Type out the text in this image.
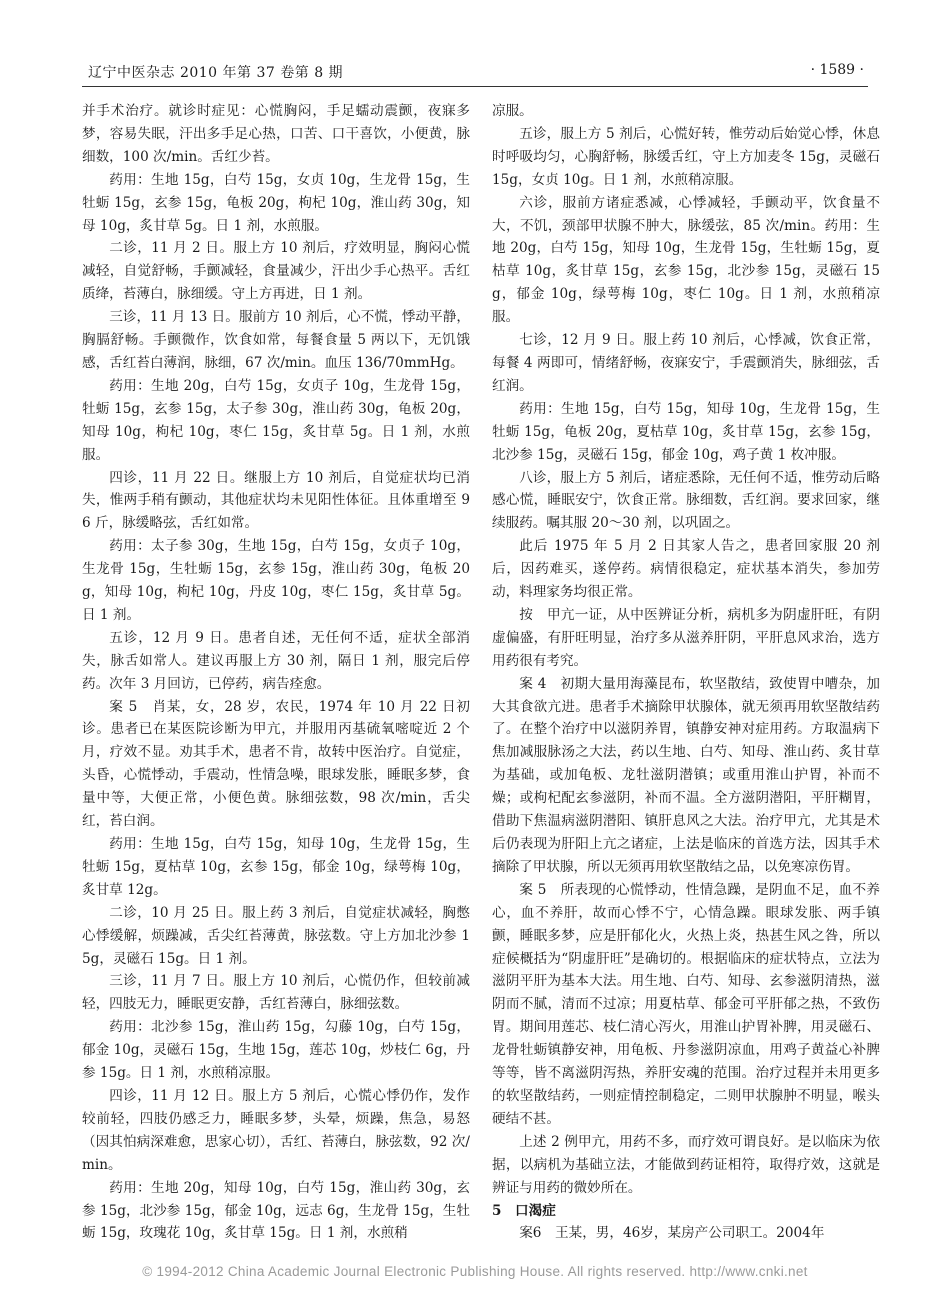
辽宁中医杂志 2010 年第 37 卷第 8 期	· 1589 ·

并手术治疗。就诊时症见：心慌胸闷，手足蠕动震颤，夜寐多梦，容易失眠，汗出多手足心热，口苦、口干喜饮，小便黄，脉细数，100 次/min。舌红少苔。

药用：生地 15g，白芍 15g，女贞 10g，生龙骨 15g，生牡蛎 15g，玄参 15g，龟板 20g，枸杞 10g，淮山药 30g，知母 10g，炙甘草 5g。日 1 剂，水煎服。

二诊，11 月 2 日。服上方 10 剂后，疗效明显，胸闷心慌减轻，自觉舒畅，手颤减轻，食量减少，汗出少手心热平。舌红质绛，苔薄白，脉细缓。守上方再进，日 1 剂。

三诊，11 月 13 日。服前方 10 剂后，心不慌，悸动平静，胸膈舒畅。手颤微作，饮食如常，每餐食量 5 两以下，无饥饿感，舌红苔白薄润，脉细，67 次/min。血压 136/70mmHg。

药用：生地 20g，白芍 15g，女贞子 10g，生龙骨 15g，牡蛎 15g，玄参 15g，太子参 30g，淮山药 30g，龟板 20g，知母 10g，枸杞 10g，枣仁 15g，炙甘草 5g。日 1 剂，水煎服。

四诊，11 月 22 日。继服上方 10 剂后，自觉症状均已消失，惟两手稍有颤动，其他症状均未见阳性体征。且体重增至 96 斤，脉缓略弦，舌红如常。

药用：太子参 30g，生地 15g，白芍 15g，女贞子 10g，生龙骨 15g，生牡蛎 15g，玄参 15g，淮山药 30g，龟板 20g，知母 10g，枸杞 10g，丹皮 10g，枣仁 15g，炙甘草 5g。日 1 剂。

五诊，12 月 9 日。患者自述，无任何不适，症状全部消失，脉舌如常人。建议再服上方 30 剂，隔日 1 剂，服完后停药。次年 3 月回访，已停药，病告痊愈。

案 5　肖某，女，28 岁，农民，1974 年 10 月 22 日初诊。患者已在某医院诊断为甲亢，并服用丙基硫氧嘧啶近 2 个月，疗效不显。劝其手术，患者不肯，故转中医治疗。自觉症，头昏，心慌悸动，手震动，性情急噪，眼球发胀，睡眠多梦，食量中等，大便正常，小便色黄。脉细弦数，98 次/min，舌尖红，苔白润。

药用：生地 15g，白芍 15g，知母 10g，生龙骨 15g，生牡蛎 15g，夏枯草 10g，玄参 15g，郁金 10g，绿萼梅 10g，炙甘草 12g。

二诊，10 月 25 日。服上药 3 剂后，自觉症状减轻，胸憋心悸缓解，烦躁减，舌尖红苔薄黄，脉弦数。守上方加北沙参 15g，灵磁石 15g。日 1 剂。

三诊，11 月 7 日。服上方 10 剂后，心慌仍作，但较前减轻，四肢无力，睡眠更安静，舌红苔薄白，脉细弦数。

药用：北沙参 15g，淮山药 15g，勾藤 10g，白芍 15g，郁金 10g，灵磁石 15g，生地 15g，莲芯 10g，炒枝仁 6g，丹参 15g。日 1 剂，水煎稍凉服。

四诊，11 月 12 日。服上方 5 剂后，心慌心悸仍作，发作较前轻，四肢仍感乏力，睡眠多梦，头晕，烦躁，焦急，易怒（因其怕病深难愈，思家心切），舌红、苔薄白，脉弦数，92 次/min。

药用：生地 20g，知母 10g，白芍 15g，淮山药 30g，玄参 15g，北沙参 15g，郁金 10g，远志 6g，生龙骨 15g，生牡蛎 15g，玫瑰花 10g，炙甘草 15g。日 1 剂，水煎稍

凉服。

五诊，服上方 5 剂后，心慌好转，惟劳动后始觉心悸，休息时呼吸均匀，心胸舒畅，脉缓舌红，守上方加麦冬 15g，灵磁石 15g，女贞 10g。日 1 剂，水煎稍凉服。

六诊，服前方诸症悉减，心悸减轻，手颤动平，饮食量不大，不饥，颈部甲状腺不肿大，脉缓弦，85 次/min。药用：生地 20g，白芍 15g，知母 10g，生龙骨 15g，生牡蛎 15g，夏枯草 10g，炙甘草 15g，玄参 15g，北沙参 15g，灵磁石 15g，郁金 10g，绿萼梅 10g，枣仁 10g。日 1 剂，水煎稍凉服。

七诊，12 月 9 日。服上药 10 剂后，心悸减，饮食正常，每餐 4 两即可，情绪舒畅，夜寐安宁，手震颤消失，脉细弦，舌红润。

药用：生地 15g，白芍 15g，知母 10g，生龙骨 15g，生牡蛎 15g，龟板 20g，夏枯草 10g，炙甘草 15g，玄参 15g，北沙参 15g，灵磁石 15g，郁金 10g，鸡子黄 1 枚冲服。

八诊，服上方 5 剂后，诸症悉除，无任何不适，惟劳动后略感心慌，睡眠安宁，饮食正常。脉细数，舌红润。要求回家，继续服药。嘱其服 20～30 剂，以巩固之。

此后 1975 年 5 月 2 日其家人告之，患者回家服 20 剂后，因药难买，遂停药。病情很稳定，症状基本消失，参加劳动，料理家务均很正常。

按　甲亢一证，从中医辨证分析，病机多为阴虚肝旺，有阴虚偏盛，有肝旺明显，治疗多从滋养肝阴，平肝息风求治，选方用药很有考究。

案 4　初期大量用海藻昆布，软坚散结，致使胃中嘈杂，加大其食欲亢进。患者手术摘除甲状腺体，就无须再用软坚散结药了。在整个治疗中以滋阴养胃，镇静安神对症用药。方取温病下焦加减服脉汤之大法，药以生地、白芍、知母、淮山药、炙甘草为基础，或加龟板、龙牡滋阴潜镇；或重用淮山护胃，补而不燥；或枸杞配玄参滋阴，补而不温。全方滋阴潜阳，平肝糊胃，借助下焦温病滋阴潜阳、镇肝息风之大法。治疗甲亢，尤其是术后仍表现为肝阳上亢之诸症，上法是临床的首选方法，因其手术摘除了甲状腺，所以无须再用软坚散结之品，以免寒凉伤胃。

案 5　所表现的心慌悸动，性情急躁，是阴血不足，血不养心，血不养肝，故而心悸不宁，心情急躁。眼球发胀、两手镇颤，睡眠多梦，应是肝郁化火，火热上炎，热甚生风之咎，所以症候概括为“阴虚肝旺”是确切的。根据临床的症状特点，立法为滋阴平肝为基本大法。用生地、白芍、知母、玄参滋阴清热，滋阴而不腻，清而不过凉；用夏枯草、郁金可平肝郁之热，不致伤胃。期间用莲芯、枝仁清心泻火，用淮山护胃补脾，用灵磁石、龙骨牡蛎镇静安神，用龟板、丹参滋阴凉血，用鸡子黄益心补脾等等，皆不离滋阴泻热，养肝安魂的范围。治疗过程并未用更多的软坚散结药，一则症情控制稳定，二则甲状腺肿不明显，喉头硬结不甚。

上述 2 例甲亢，用药不多，而疗效可谓良好。是以临床为依据，以病机为基础立法，才能做到药证相符，取得疗效，这就是辨证与用药的微妙所在。

5　口渴症

案6　王某，男，46岁，某房产公司职工。2004年

© 1994-2012 China Academic Journal Electronic Publishing House. All rights reserved. http://www.cnki.net
